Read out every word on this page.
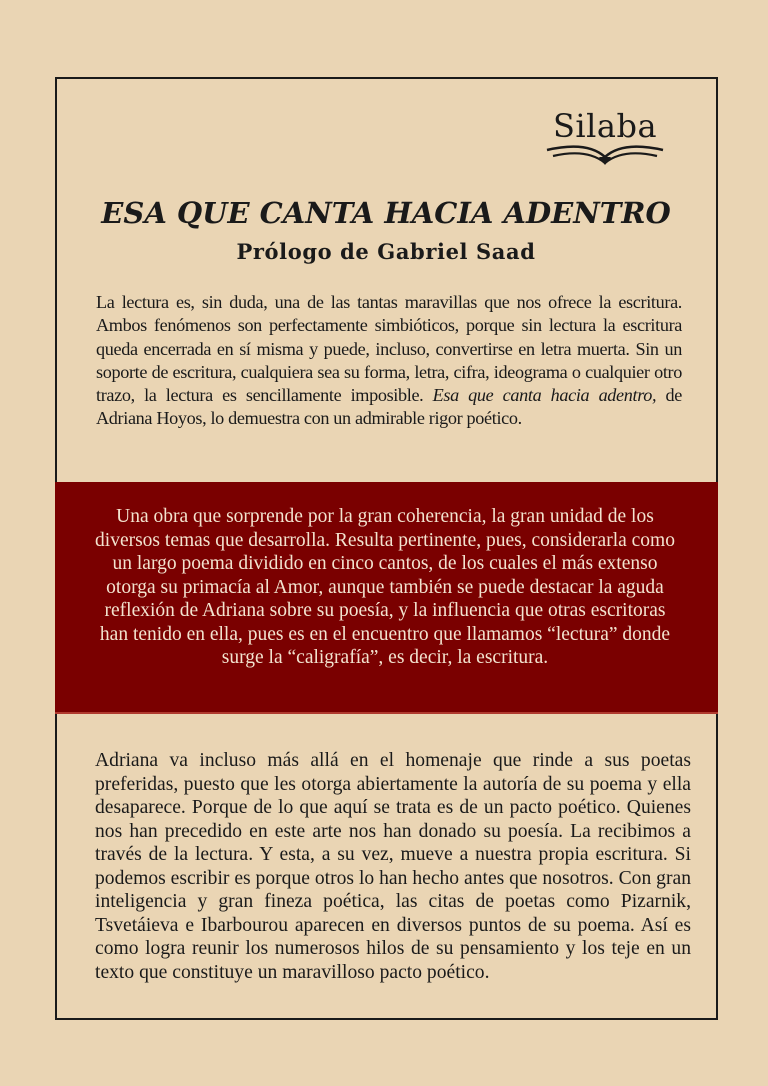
Silaba
ESA QUE CANTA HACIA ADENTRO
Prólogo de Gabriel Saad

La lectura es, sin duda, una de las tantas maravillas que nos ofrece la escritura. Ambos fenómenos son perfectamente simbióticos, porque sin lectura la escritura queda encerrada en sí misma y puede, incluso, convertirse en letra muerta. Sin un soporte de escritura, cualquiera sea su forma, letra, cifra, ideograma o cualquier otro trazo, la lectura es sencillamente imposible. Esa que canta hacia adentro, de Adriana Hoyos, lo demuestra con un admirable rigor poético.

Una obra que sorprende por la gran coherencia, la gran unidad de los diversos temas que desarrolla. Resulta pertinente, pues, considerarla como un largo poema dividido en cinco cantos, de los cuales el más extenso otorga su primacía al Amor, aunque también se puede destacar la aguda reflexión de Adriana sobre su poesía, y la influencia que otras escritoras han tenido en ella, pues es en el encuentro que llamamos “lectura” donde surge la “caligrafía”, es decir, la escritura.

Adriana va incluso más allá en el homenaje que rinde a sus poetas preferidas, puesto que les otorga abiertamente la autoría de su poema y ella desaparece. Porque de lo que aquí se trata es de un pacto poético. Quienes nos han precedido en este arte nos han donado su poesía. La recibimos a través de la lectura. Y esta, a su vez, mueve a nuestra propia escritura. Si podemos escribir es porque otros lo han hecho antes que nosotros. Con gran inteligencia y gran fineza poética, las citas de poetas como Pizarnik, Tsvetáieva e Ibarbourou aparecen en diversos puntos de su poema. Así es como logra reunir los numerosos hilos de su pensamiento y los teje en un texto que constituye un maravilloso pacto poético.
